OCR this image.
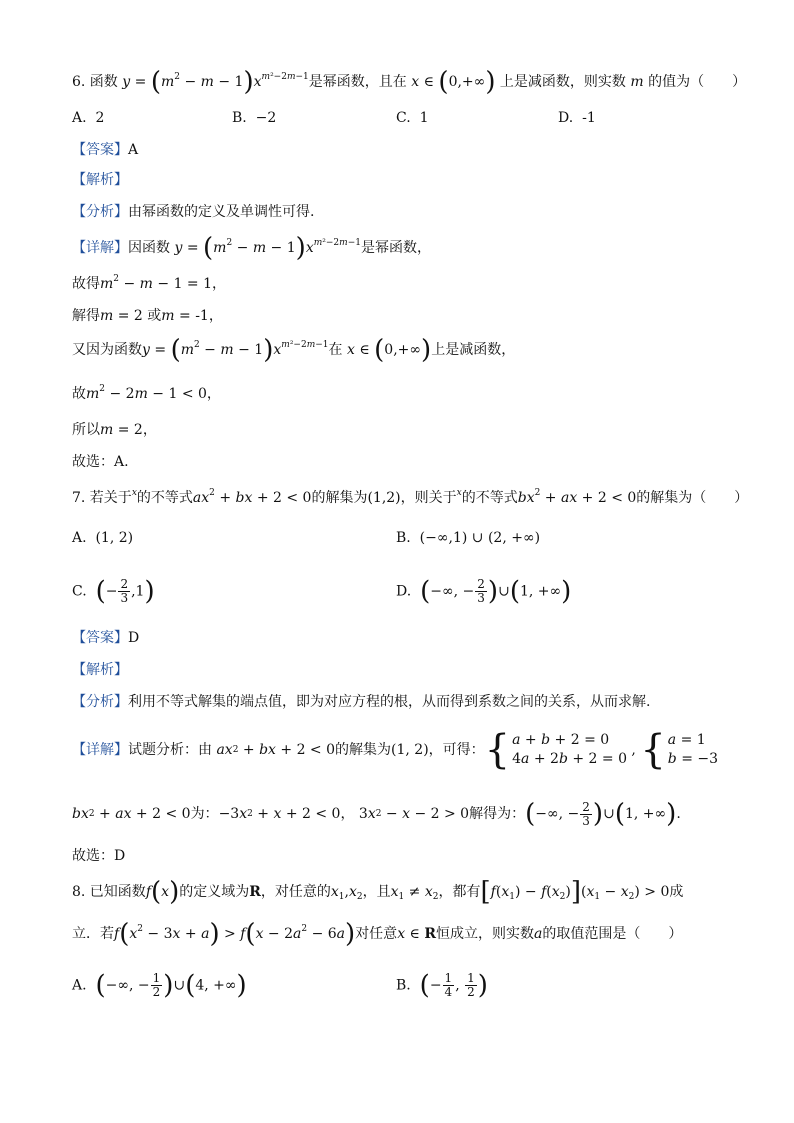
6. 函数 $y = (m^2 - m - 1)x^{m^2-2m-1}$是幂函数，且在 x ∈ (0,+∞) 上是减函数，则实数 m 的值为（　　）
A. 2	B. −2	C. 1	D. -1
【答案】A
【解析】
【分析】由幂函数的定义及单调性可得.
【详解】因函数 $y = (m^2 - m - 1)x^{m^2-2m-1}$是幂函数，
故得$m^2 - m - 1 = 1$，
解得m = 2 或m = -1，
又因为函数$y = (m^2 - m - 1)x^{m^2-2m-1}$在 x ∈ (0,+∞)上是减函数，
故$m^2 - 2m - 1 < 0$，
所以m = 2，
故选：A.
7. 若关于$^x$的不等式$ax^2$ + bx + 2 < 0的解集为(1,2)，则关于$^x$的不等式$bx^2$ + ax + 2 < 0的解集为（　　）
A.  (1, 2)	B.  (−∞,1) ∪ (2, +∞)
C. (− $\frac{2}{3} ,1$)	D. (−∞, − $\frac{2}{3}$ )∪(1, +∞)
【答案】D
【解析】
【分析】利用不等式解集的端点值，即为对应方程的根，从而得到系数之间的关系，从而求解.
【详解】 试题分析：由
ax 2 + bx + 2 < 0 的解集为 (1, 2) ，可得： { a + b + 2 = 0
4a + 2b + 2 = 0
, { a = 1
b = −3
bx 2 + ax + 2 < 0 为： −3 x 2 + x + 2 < 0 ， 3 x 2 − x − 2 > 0 解得为： ( −∞, − $\frac{2}{3}$ ) ∪ ( 1, +∞ ) .
故选：D
8. 已知函数f(x)的定义域为R，对任意的$x_1,x_2$，且$x_1 \ne x_2$，都有$[f(x_1) - f(x_2)](x_1 - x_2) > 0$成
立．若$f(x^2 - 3x + a) > f(x - 2a^2 - 6a)$对任意x ∈ R恒成立，则实数a的取值范围是（　　）
A. (−∞, − $\frac{1}{2}$ )∪(4, +∞)	B. (− $\frac{1}{4}$ , $\frac{1}{2}$ )
